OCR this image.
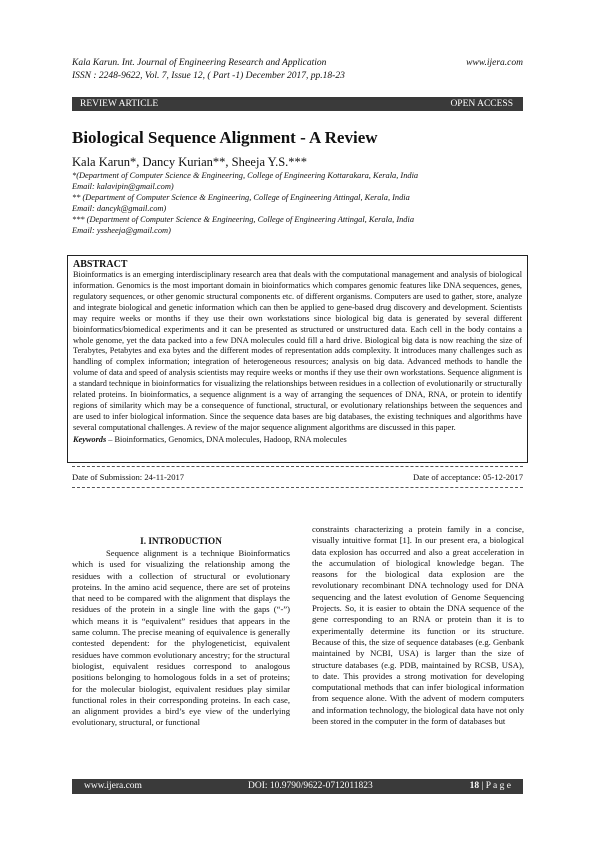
Kala Karun. Int. Journal of Engineering Research and Application
ISSN : 2248-9622, Vol. 7, Issue 12, ( Part -1) December 2017, pp.18-23
www.ijera.com
REVIEW ARTICLE	OPEN ACCESS
Biological Sequence Alignment - A Review
Kala Karun*, Dancy Kurian**, Sheeja Y.S.***
*(Department of Computer Science & Engineering, College of Engineering Kottarakara, Kerala, India
Email: kalavipin@gmail.com)
** (Department of Computer Science & Engineering, College of Engineering Attingal, Kerala, India
Email: dancyk@gmail.com)
*** (Department of Computer Science & Engineering, College of Engineering Attingal, Kerala, India
Email: yssheeja@gmail.com)
ABSTRACT
Bioinformatics is an emerging interdisciplinary research area that deals with the computational management and analysis of biological information. Genomics is the most important domain in bioinformatics which compares genomic features like DNA sequences, genes, regulatory sequences, or other genomic structural components etc. of different organisms. Computers are used to gather, store, analyze and integrate biological and genetic information which can then be applied to gene-based drug discovery and development. Scientists may require weeks or months if they use their own workstations since biological big data is generated by several different bioinformatics/biomedical experiments and it can be presented as structured or unstructured data. Each cell in the body contains a whole genome, yet the data packed into a few DNA molecules could fill a hard drive. Biological big data is now reaching the size of Terabytes, Petabytes and exa bytes and the different modes of representation adds complexity. It introduces many challenges such as handling of complex information; integration of heterogeneous resources; analysis on big data. Advanced methods to handle the volume of data and speed of analysis scientists may require weeks or months if they use their own workstations. Sequence alignment is a standard technique in bioinformatics for visualizing the relationships between residues in a collection of evolutionarily or structurally related proteins. In bioinformatics, a sequence alignment is a way of arranging the sequences of DNA, RNA, or protein to identify regions of similarity which may be a consequence of functional, structural, or evolutionary relationships between the sequences and are used to infer biological information. Since the sequence data bases are big databases, the existing techniques and algorithms have several computational challenges. A review of the major sequence alignment algorithms are discussed in this paper.
Keywords – Bioinformatics, Genomics, DNA molecules, Hadoop, RNA molecules
Date of Submission: 24-11-2017	Date of acceptance: 05-12-2017
I. INTRODUCTION
Sequence alignment is a technique Bioinformatics which is used for visualizing the relationship among the residues with a collection of structural or evolutionary proteins. In the amino acid sequence, there are set of proteins that need to be compared with the alignment that displays the residues of the protein in a single line with the gaps (“-”) which means it is “equivalent” residues that appears in the same column. The precise meaning of equivalence is generally contested dependent: for the phylogeneticist, equivalent residues have common evolutionary ancestry; for the structural biologist, equivalent residues correspond to analogous positions belonging to homologous folds in a set of proteins; for the molecular biologist, equivalent residues play similar functional roles in their corresponding proteins. In each case, an alignment provides a bird’s eye view of the underlying evolutionary, structural, or functional
constraints characterizing a protein family in a concise, visually intuitive format [1]. In our present era, a biological data explosion has occurred and also a great acceleration in the accumulation of biological knowledge began. The reasons for the biological data explosion are the revolutionary recombinant DNA technology used for DNA sequencing and the latest evolution of Genome Sequencing Projects. So, it is easier to obtain the DNA sequence of the gene corresponding to an RNA or protein than it is to experimentally determine its function or its structure. Because of this, the size of sequence databases (e.g. Genbank maintained by NCBI, USA) is larger than the size of structure databases (e.g. PDB, maintained by RCSB, USA), to date. This provides a strong motivation for developing computational methods that can infer biological information from sequence alone. With the advent of modern computers and information technology, the biological data have not only been stored in the computer in the form of databases but
www.ijera.com	DOI: 10.9790/9622-0712011823	18 | P a g e
